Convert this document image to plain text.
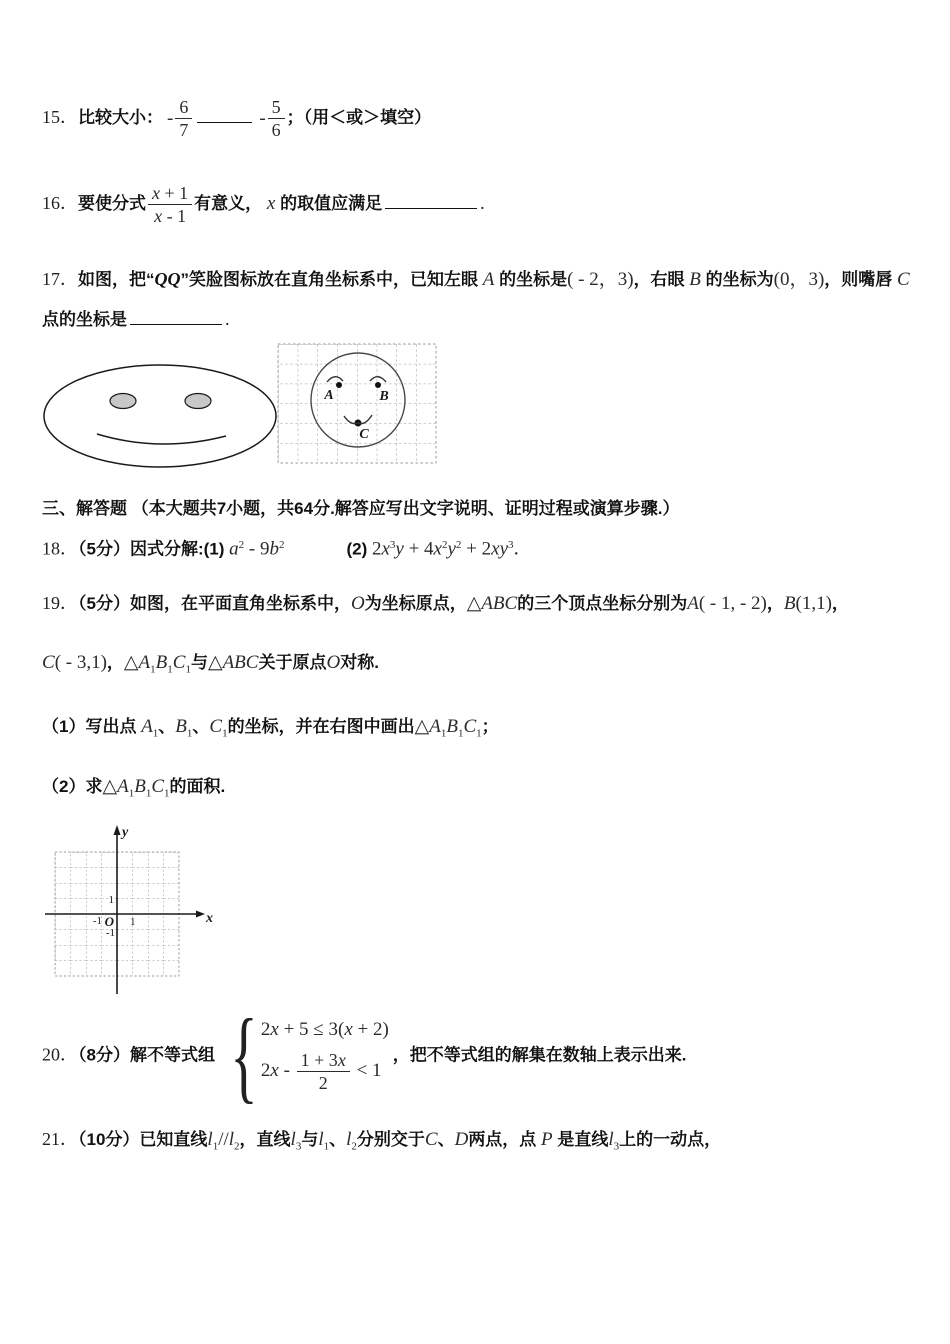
15．比较大小： -
6
7
-
5
6
；（用＜或＞填空）
16．要使分式
x + 1
x - 1
有意义， x 的取值应满足	.
17．如图，把“QQ”笑脸图标放在直角坐标系中，已知左眼 A 的坐标是( - 2，3)，右眼 B 的坐标为(0，3)，则嘴唇 C
点的坐标是	.
A	B
C
三、解答题 （本大题共7小题，共64分.解答应写出文字说明、证明过程或演算步骤.）
18．（5分）因式分解:(1) $a^2 - 9b^2$	(2) $2x^3y + 4x^2y^2 + 2xy^3$．
19．（5分）如图，在平面直角坐标系中，O为坐标原点，△ABC的三个顶点坐标分别为A( - 1, - 2)，B(1,1)，
C( - 3,1)，$\triangle A_1B_1C_1$与△ABC关于原点O对称.
（1）写出点 $A_1$、$B_1$、$C_1$的坐标，并在右图中画出$\triangle A_1B_1C_1$；
（2）求$\triangle A_1B_1C_1$的面积.
y
x
O
1
-1	1
-1
20．（8分）解不等式组 { 2x + 5 ≤ 3(x + 2)
2x - 1 + 3x
2
< 1
，把不等式组的解集在数轴上表示出来.
21．（10分）已知直线$l_1//l_2$，直线$l_3$与$l_1$、$l_2$分别交于C、D两点，点 P 是直线$l_3$上的一动点，
